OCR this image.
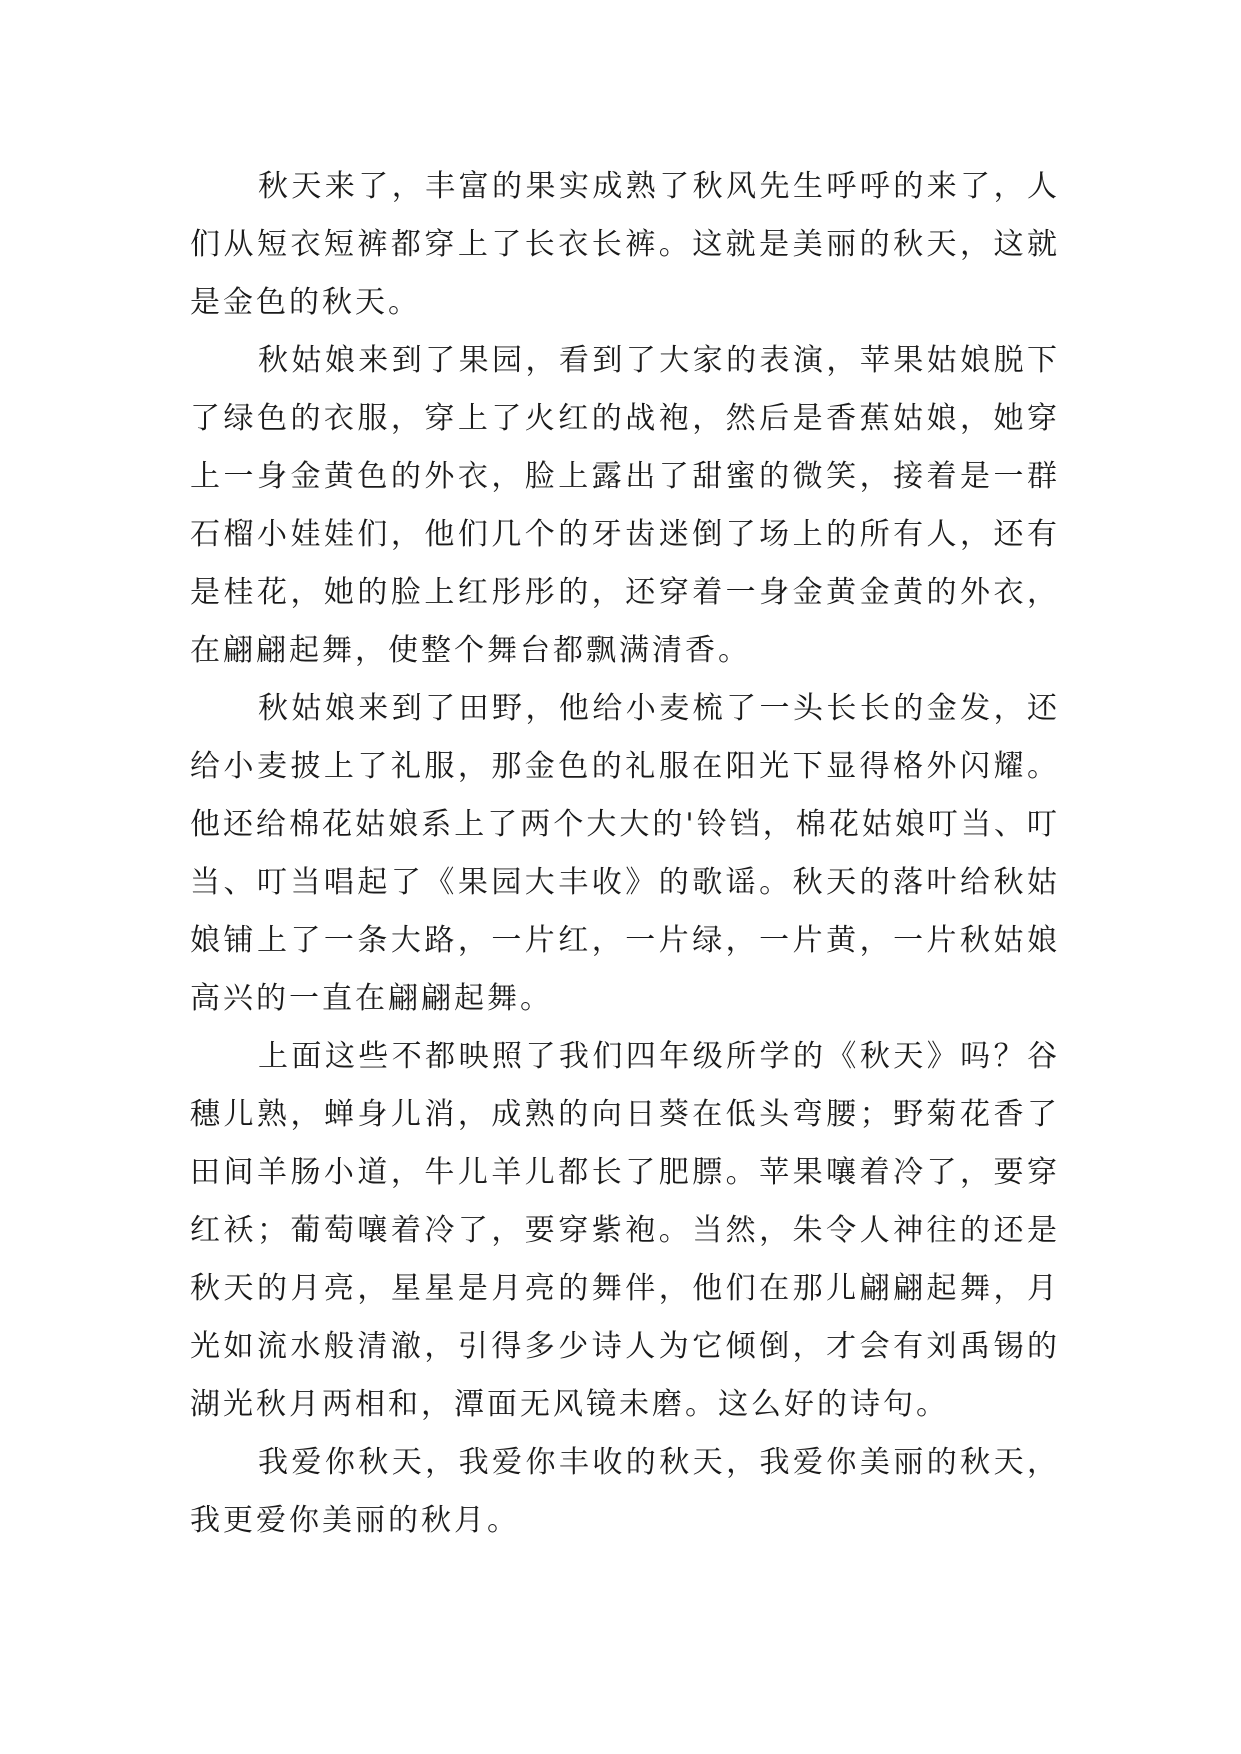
秋天来了，丰富的果实成熟了秋风先生呼呼的来了，人们从短衣短裤都穿上了长衣长裤。这就是美丽的秋天，这就是金色的秋天。

秋姑娘来到了果园，看到了大家的表演，苹果姑娘脱下了绿色的衣服，穿上了火红的战袍，然后是香蕉姑娘，她穿上一身金黄色的外衣，脸上露出了甜蜜的微笑，接着是一群石榴小娃娃们，他们几个的牙齿迷倒了场上的所有人，还有是桂花，她的脸上红彤彤的，还穿着一身金黄金黄的外衣，在翩翩起舞，使整个舞台都飘满清香。

秋姑娘来到了田野，他给小麦梳了一头长长的金发，还给小麦披上了礼服，那金色的礼服在阳光下显得格外闪耀。他还给棉花姑娘系上了两个大大的'铃铛，棉花姑娘叮当、叮当、叮当唱起了《果园大丰收》的歌谣。秋天的落叶给秋姑娘铺上了一条大路，一片红，一片绿，一片黄，一片秋姑娘高兴的一直在翩翩起舞。

上面这些不都映照了我们四年级所学的《秋天》吗？谷穗儿熟，蝉身儿消，成熟的向日葵在低头弯腰；野菊花香了田间羊肠小道，牛儿羊儿都长了肥膘。苹果嚷着冷了，要穿红袄；葡萄嚷着冷了，要穿紫袍。当然，朱令人神往的还是秋天的月亮，星星是月亮的舞伴，他们在那儿翩翩起舞，月光如流水般清澈，引得多少诗人为它倾倒，才会有刘禹锡的湖光秋月两相和，潭面无风镜未磨。这么好的诗句。

我爱你秋天，我爱你丰收的秋天，我爱你美丽的秋天，我更爱你美丽的秋月。
